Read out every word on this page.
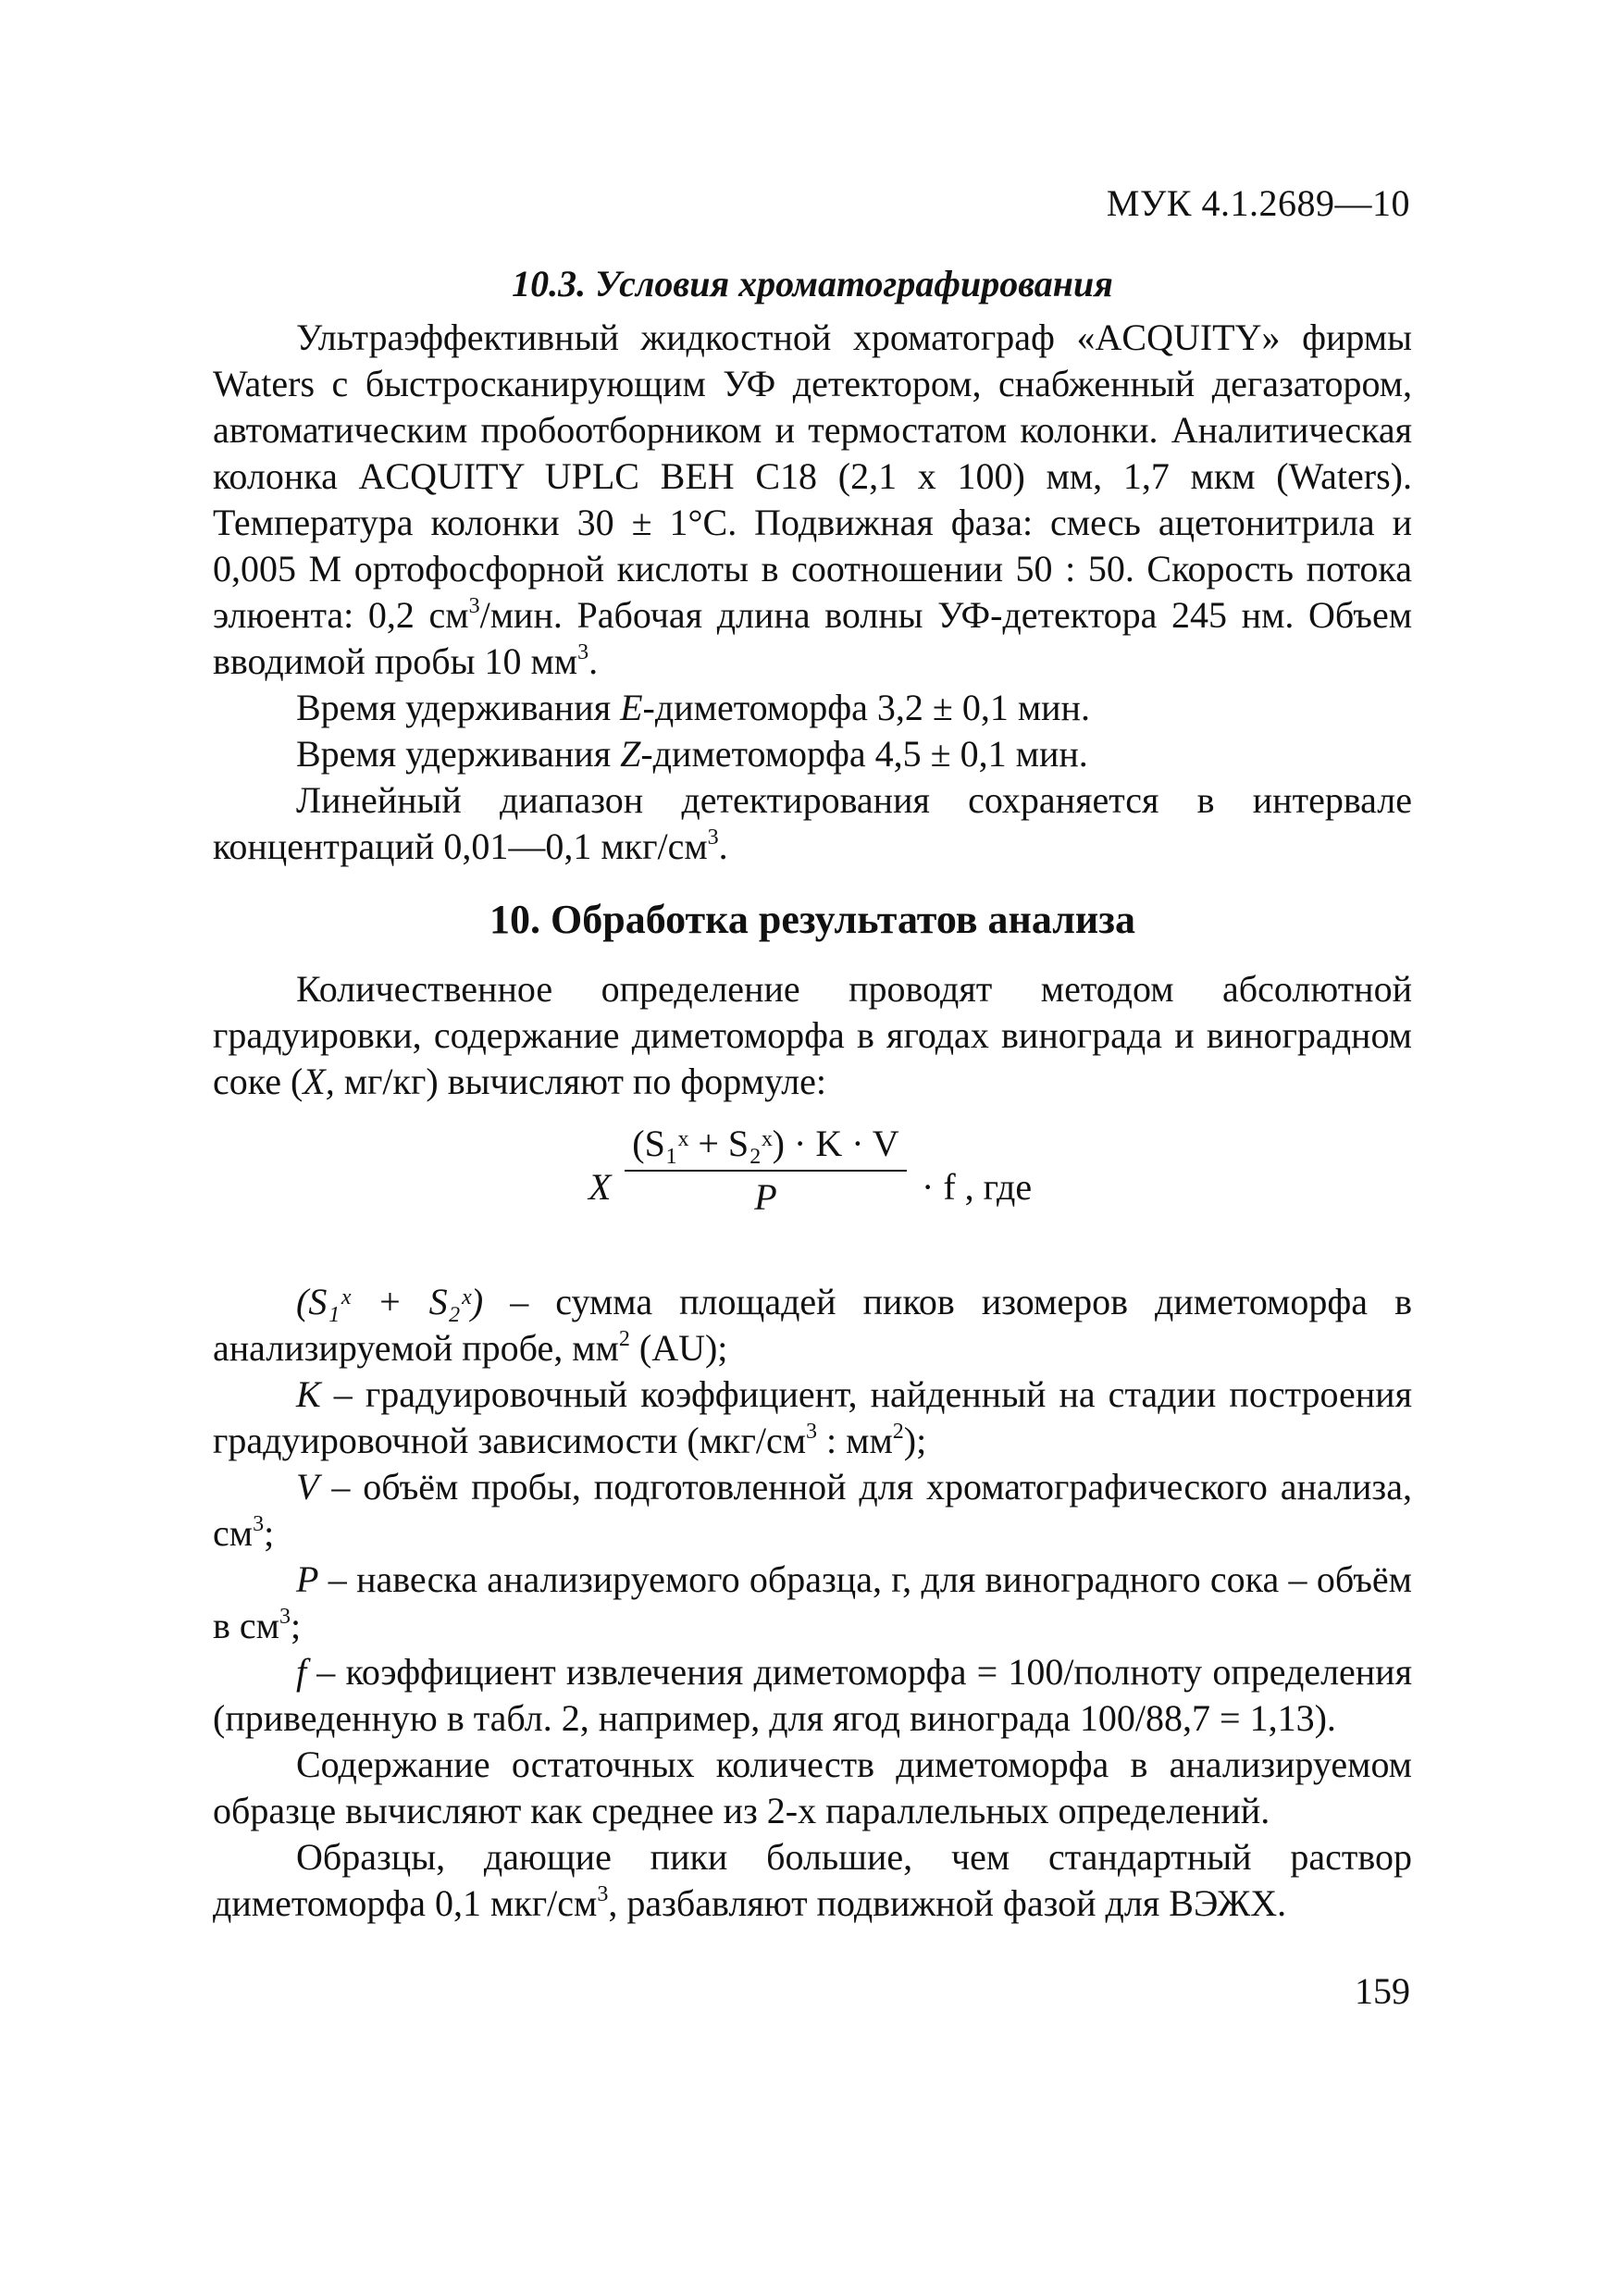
МУК 4.1.2689—10
10.3. Условия хроматографирования

Ультраэффективный жидкостной хроматограф «ACQUITY» фирмы Waters с быстросканирующим УФ детектором, снабженный дегазатором, автоматическим пробоотборником и термостатом колонки. Аналитическая колонка ACQUITY UPLC BEH C18 (2,1 х 100) мм, 1,7 мкм (Waters). Температура колонки 30 ± 1°С. Подвижная фаза: смесь ацетонитрила и 0,005 М ортофосфорной кислоты в соотношении 50 : 50. Скорость потока элюента: 0,2 $см^3$/мин. Рабочая длина волны УФ-детектора 245 нм. Объем вводимой пробы 10 $мм^3$.

Время удерживания E-диметоморфа 3,2 ± 0,1 мин.

Время удерживания Z-диметоморфа 4,5 ± 0,1 мин.

Линейный диапазон детектирования сохраняется в интервале концентраций 0,01—0,1 мкг/$см^3$.

10. Обработка результатов анализа

Количественное определение проводят методом абсолютной градуировки, содержание диметоморфа в ягодах винограда и виноградном соке (X, мг/кг) вычисляют по формуле:

X
(S₁ˣ + S₂ˣ) · K · V
P	· f , где

(S₁ˣ + S₂ˣ) – сумма площадей пиков изомеров диметоморфа в анализируемой пробе, $мм^2$ (AU);

K – градуировочный коэффициент, найденный на стадии построения градуировочной зависимости ($мкг/см^3$ : $мм^2$);

V – объём пробы, подготовленной для хроматографического анализа, $см^3$;

P – навеска анализируемого образца, г, для виноградного сока – объём в $см^3$;

f – коэффициент извлечения диметоморфа = 100/полноту определения (приведенную в табл. 2, например, для ягод винограда 100/88,7 = 1,13).

Содержание остаточных количеств диметоморфа в анализируемом образце вычисляют как среднее из 2-х параллельных определений.

Образцы, дающие пики большие, чем стандартный раствор диметоморфа 0,1 мкг/$см^3$, разбавляют подвижной фазой для ВЭЖХ.

159
